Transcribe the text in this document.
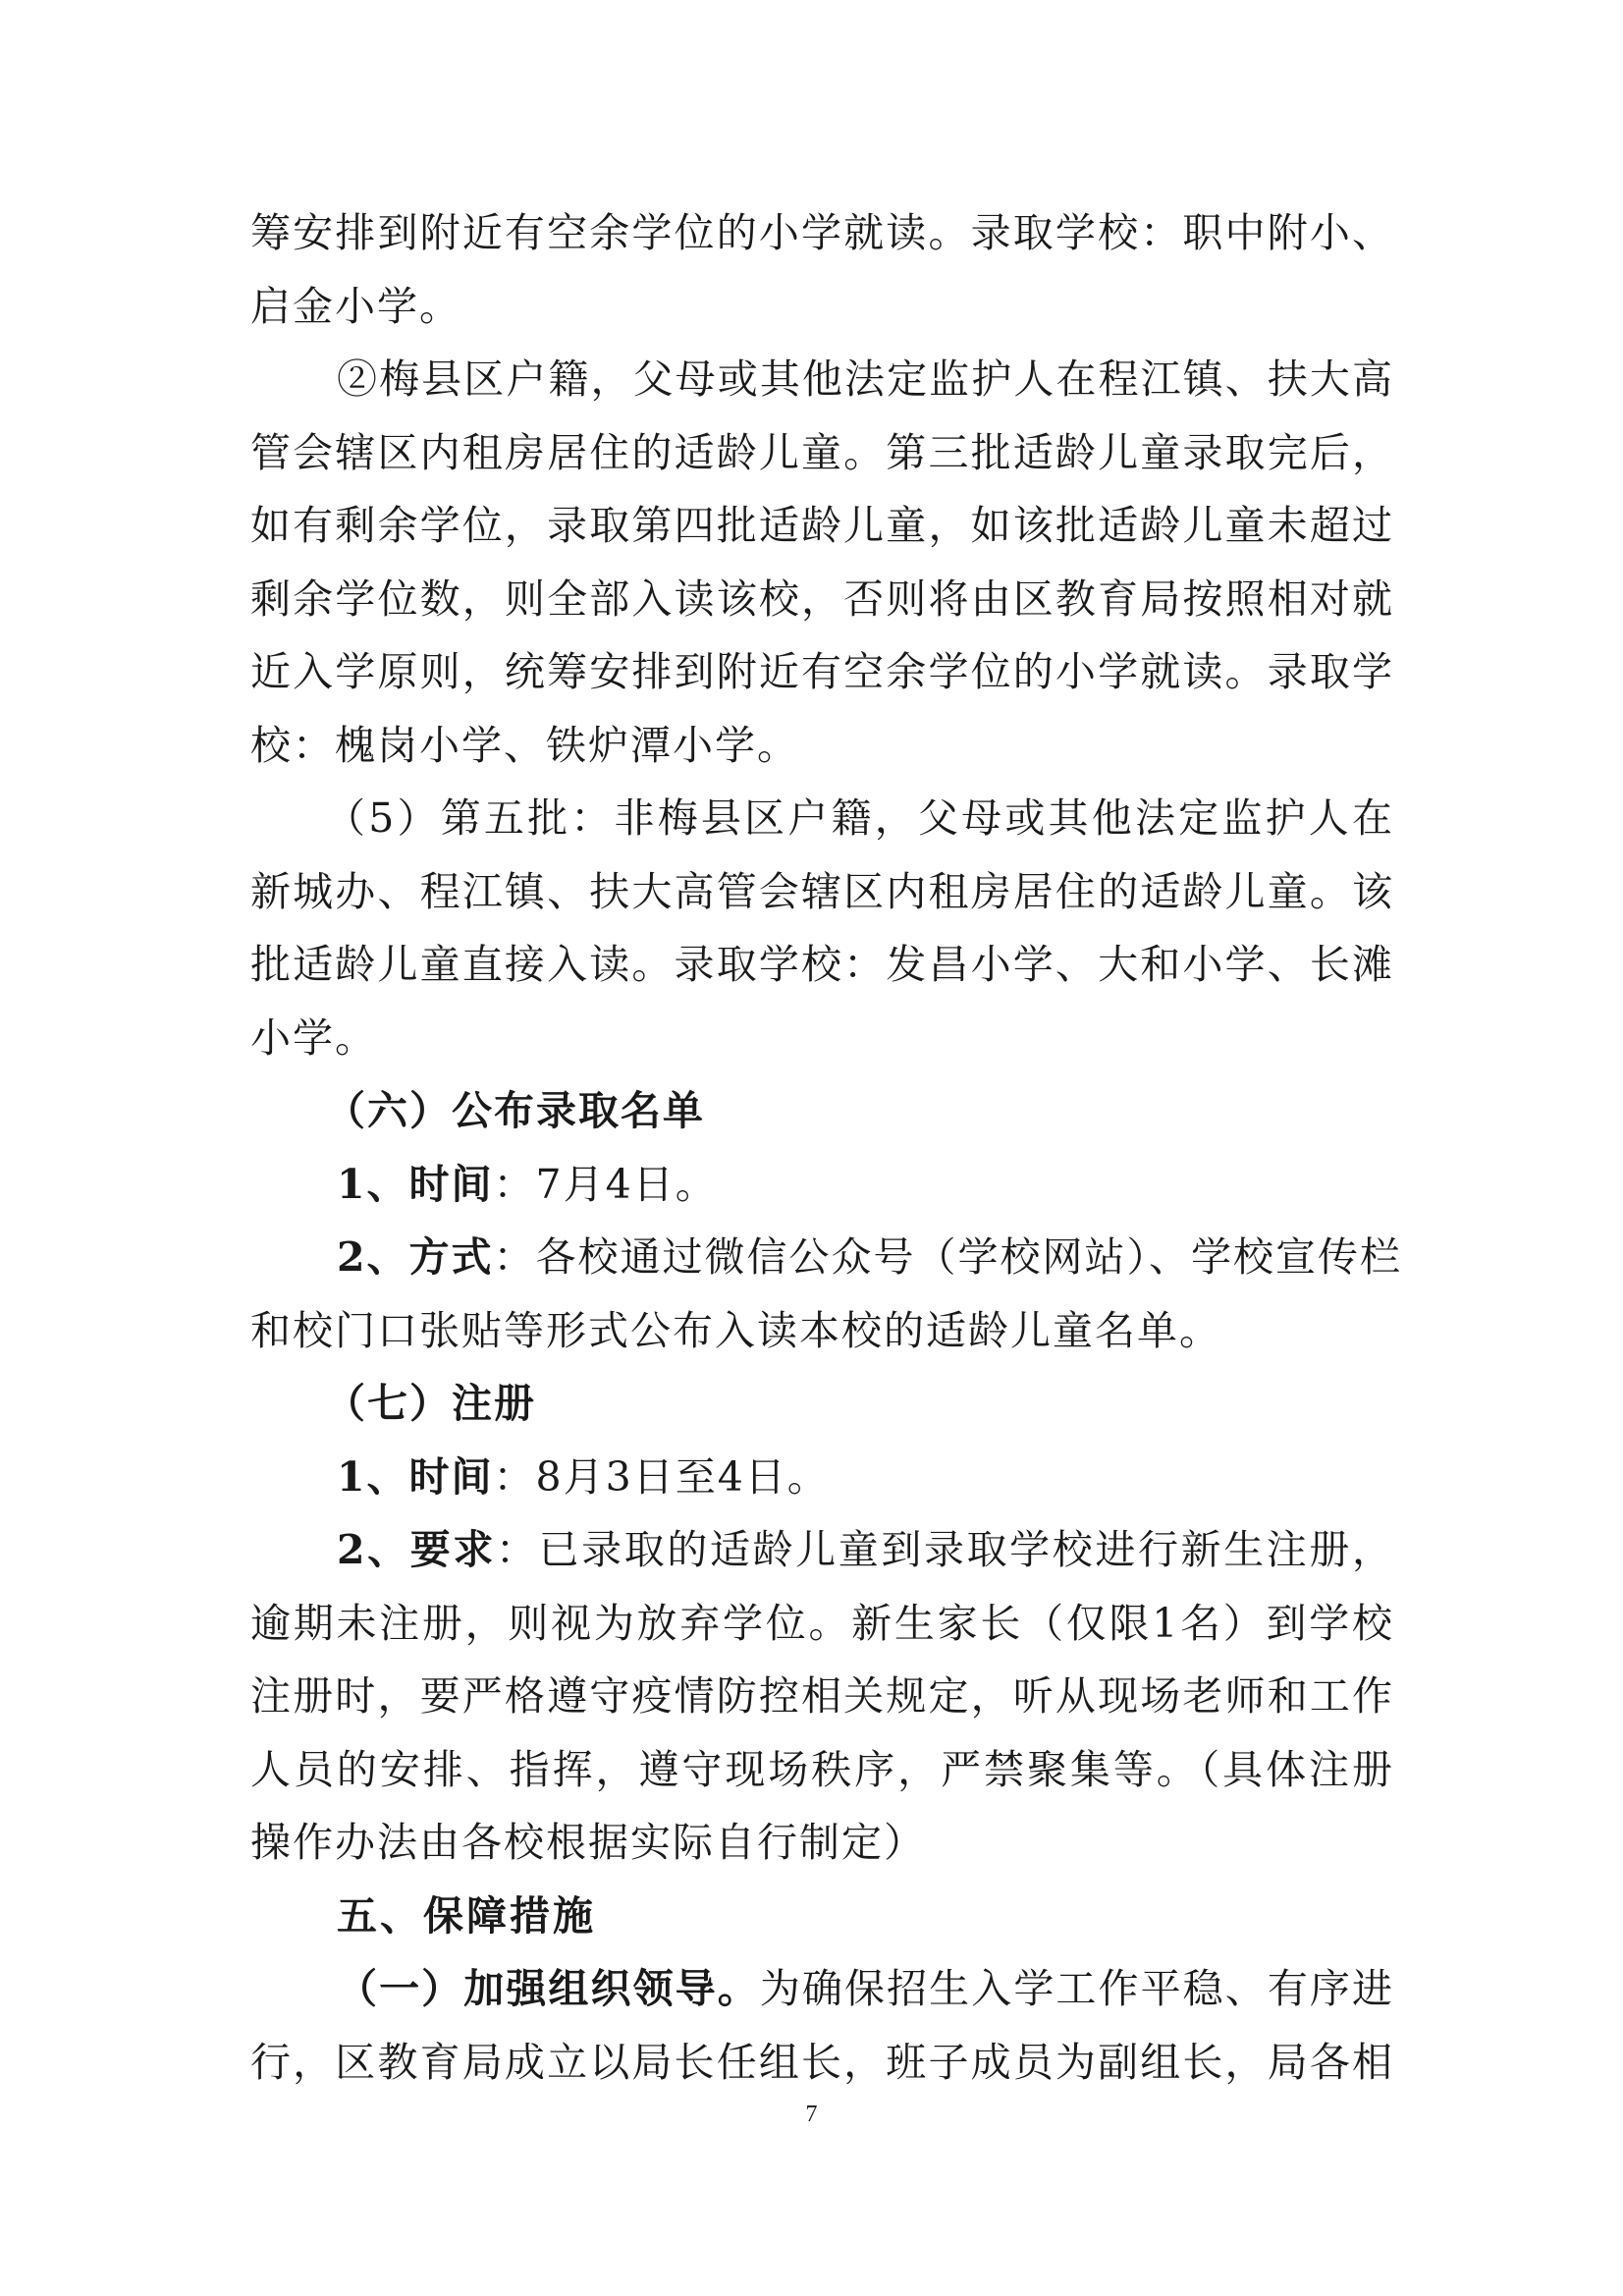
筹安排到附近有空余学位的小学就读。录取学校：职中附小、
启金小学。
②梅县区户籍，父母或其他法定监护人在程江镇、扶大高
管会辖区内租房居住的适龄儿童。第三批适龄儿童录取完后，
如有剩余学位，录取第四批适龄儿童，如该批适龄儿童未超过
剩余学位数，则全部入读该校，否则将由区教育局按照相对就
近入学原则，统筹安排到附近有空余学位的小学就读。录取学
校：槐岗小学、铁炉潭小学。
（5）第五批：非梅县区户籍，父母或其他法定监护人在
新城办、程江镇、扶大高管会辖区内租房居住的适龄儿童。该
批适龄儿童直接入读。录取学校：发昌小学、大和小学、长滩
小学。
（六）公布录取名单
1、时间：7月4日。
2、方式：各校通过微信公众号（学校网站）、学校宣传栏
和校门口张贴等形式公布入读本校的适龄儿童名单。
（七）注册
1、时间：8月3日至4日。
2、要求：已录取的适龄儿童到录取学校进行新生注册，
逾期未注册，则视为放弃学位。新生家长（仅限1名）到学校
注册时，要严格遵守疫情防控相关规定，听从现场老师和工作
人员的安排、指挥，遵守现场秩序，严禁聚集等。（具体注册
操作办法由各校根据实际自行制定）
五、保障措施
（一）加强组织领导。为确保招生入学工作平稳、有序进
行，区教育局成立以局长任组长，班子成员为副组长，局各相
7
